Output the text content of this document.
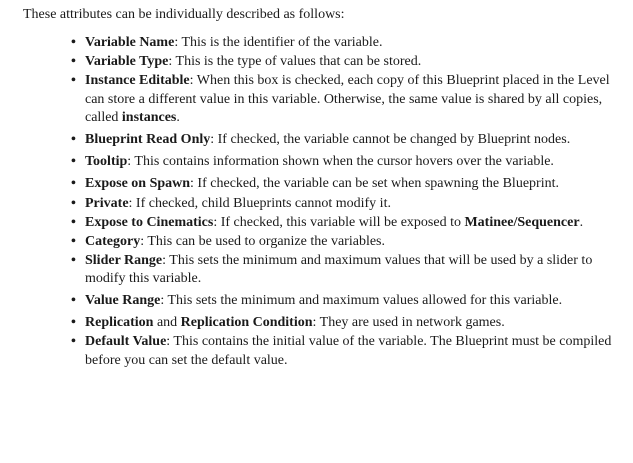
These attributes can be individually described as follows:

• Variable Name: This is the identifier of the variable.
• Variable Type: This is the type of values that can be stored.
• Instance Editable: When this box is checked, each copy of this Blueprint placed in the Level can store a different value in this variable. Otherwise, the same value is shared by all copies, called instances.
• Blueprint Read Only: If checked, the variable cannot be changed by Blueprint nodes.
• Tooltip: This contains information shown when the cursor hovers over the variable.
• Expose on Spawn: If checked, the variable can be set when spawning the Blueprint.
• Private: If checked, child Blueprints cannot modify it.
• Expose to Cinematics: If checked, this variable will be exposed to Matinee/Sequencer.
• Category: This can be used to organize the variables.
• Slider Range: This sets the minimum and maximum values that will be used by a slider to modify this variable.
• Value Range: This sets the minimum and maximum values allowed for this variable.
• Replication and Replication Condition: They are used in network games.
• Default Value: This contains the initial value of the variable. The Blueprint must be compiled before you can set the default value.
